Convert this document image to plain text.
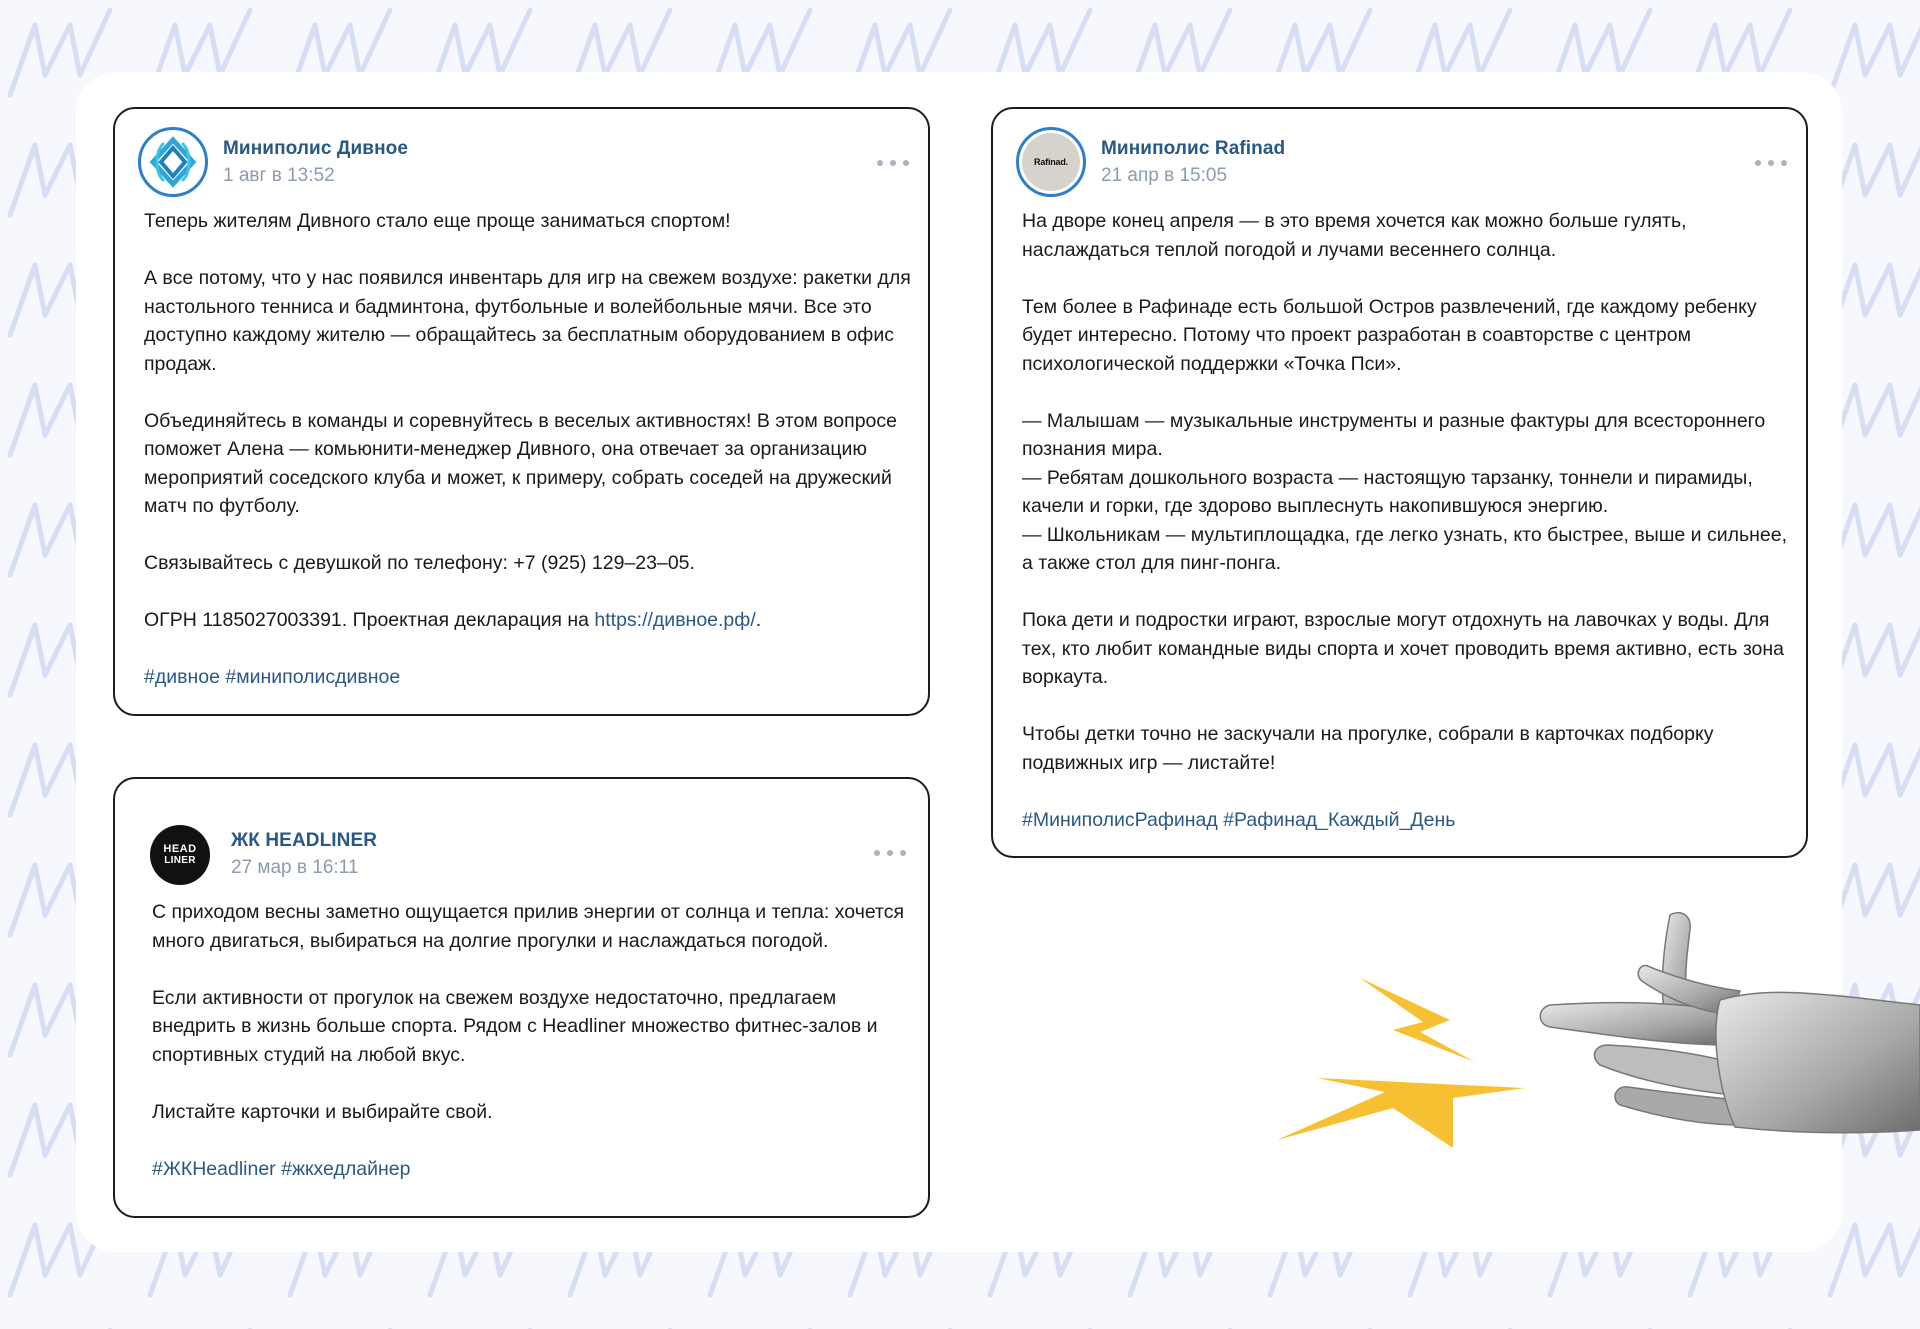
Миниполис Дивное
1 авг в 13:52

Теперь жителям Дивного стало еще проще заниматься спортом!

А все потому, что у нас появился инвентарь для игр на свежем воздухе: ракетки для настольного тенниса и бадминтона, футбольные и волейбольные мячи. Все это доступно каждому жителю — обращайтесь за бесплатным оборудованием в офис продаж.

Объединяйтесь в команды и соревнуйтесь в веселых активностях! В этом вопросе поможет Алена — комьюнити-менеджер Дивного, она отвечает за организацию мероприятий соседского клуба и может, к примеру, собрать соседей на дружеский матч по футболу.

Связывайтесь с девушкой по телефону: +7 (925) 129–23–05.

ОГРН 1185027003391. Проектная декларация на https://дивное.рф/.

#дивное #миниполисдивное

Rafinad.
Миниполис Rafinad
21 апр в 15:05

На дворе конец апреля — в это время хочется как можно больше гулять, наслаждаться теплой погодой и лучами весеннего солнца.

Тем более в Рафинаде есть большой Остров развлечений, где каждому ребенку будет интересно. Потому что проект разработан в соавторстве с центром психологической поддержки «Точка Пси».

— Малышам — музыкальные инструменты и разные фактуры для всестороннего познания мира.

— Ребятам дошкольного возраста — настоящую тарзанку, тоннели и пирамиды, качели и горки, где здорово выплеснуть накопившуюся энергию.

— Школьникам — мультиплощадка, где легко узнать, кто быстрее, выше и сильнее, а также стол для пинг-понга.

Пока дети и подростки играют, взрослые могут отдохнуть на лавочках у воды. Для тех, кто любит командные виды спорта и хочет проводить время активно, есть зона воркаута.

Чтобы детки точно не заскучали на прогулке, собрали в карточках подборку подвижных игр — листайте!

#МиниполисРафинад #Рафинад_Каждый_День

HEAD
LINER
ЖК HEADLINER
27 мар в 16:11

С приходом весны заметно ощущается прилив энергии от солнца и тепла: хочется много двигаться, выбираться на долгие прогулки и наслаждаться погодой.

Если активности от прогулок на свежем воздухе недостаточно, предлагаем внедрить в жизнь больше спорта. Рядом с Headliner множество фитнес-залов и спортивных студий на любой вкус.

Листайте карточки и выбирайте свой.

#ЖКHeadliner #жкхедлайнер
